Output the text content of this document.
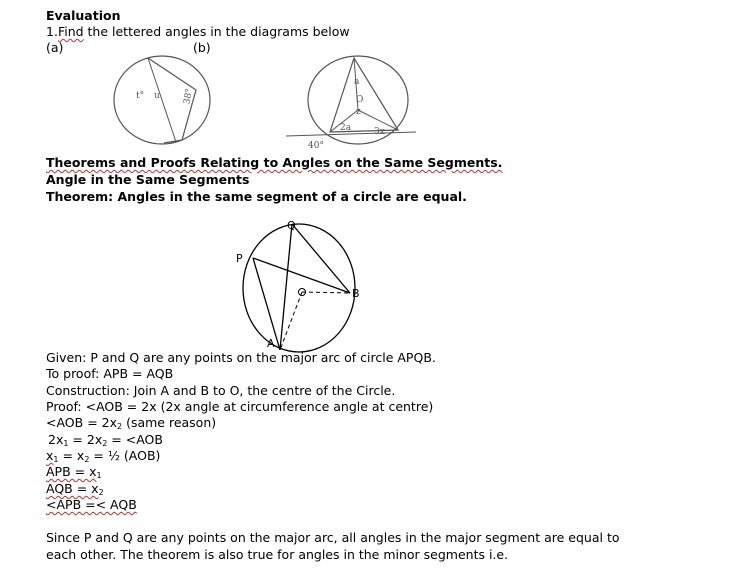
Evaluation
1.Find the lettered angles in the diagrams below
(a)	(b)
t° u	38°
a
O
z
2a	3x
40°
Theorems and Proofs Relating to Angles on the Same Segments.
Angle in the Same Segments
Theorem: Angles in the same segment of a circle are equal.
Q
P
B
A
Given: P and Q are any points on the major arc of circle APQB.
To proof: APB = AQB
Construction: Join A and B to O, the centre of the Circle.
Proof: <AOB = 2x (2x angle at circumference angle at centre)
$<AOB = 2x_2$ (same reason)
$2x_1 = 2x_2 = <AOB$
$x_1 = x_2$ = ½ (AOB)
APB = $x_1$
AQB = $x_2$
<APB =< AQB
Since P and Q are any points on the major arc, all angles in the major segment are equal to
each other. The theorem is also true for angles in the minor segments i.e.
